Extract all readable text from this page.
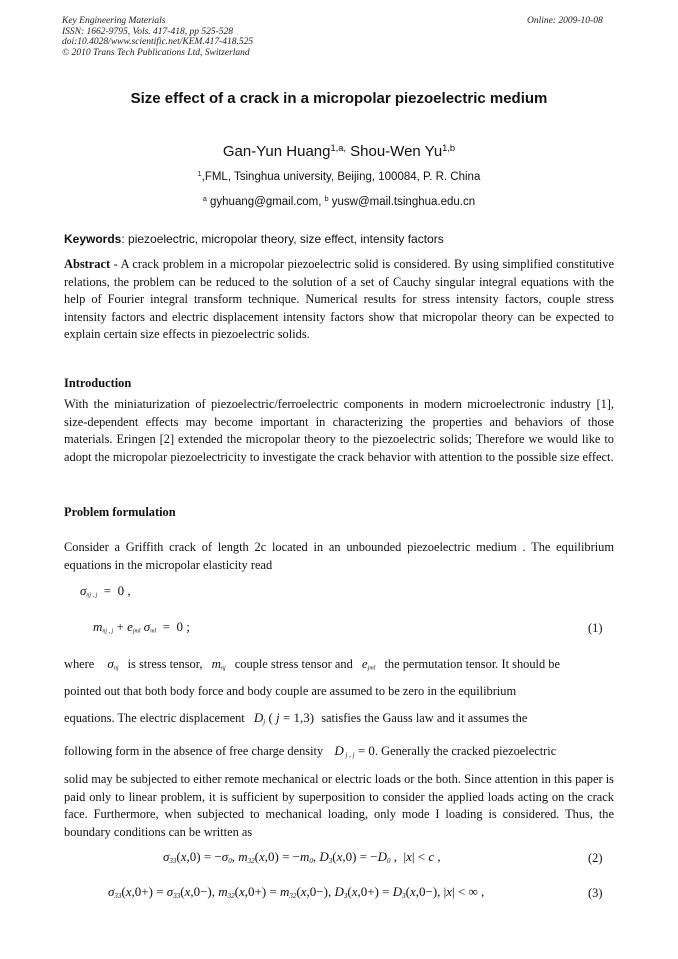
Key Engineering Materials
ISSN: 1662-9795, Vols. 417-418, pp 525-528
doi:10.4028/www.scientific.net/KEM.417-418.525
© 2010 Trans Tech Publications Ltd, Switzerland
Online: 2009-10-08
Size effect of a crack in a micropolar piezoelectric medium
Gan-Yun Huang$^{1,a,}$ Shou-Wen Yu$^{1,b}$
$^1$,FML, Tsinghua university, Beijing, 100084, P. R. China
$^a$ gyhuang@gmail.com, $^b$ yusw@mail.tsinghua.edu.cn
Keywords: piezoelectric, micropolar theory, size effect, intensity factors
Abstract - A crack problem in a micropolar piezoelectric solid is considered. By using simplified constitutive relations, the problem can be reduced to the solution of a set of Cauchy singular integral equations with the help of Fourier integral transform technique. Numerical results for stress intensity factors, couple stress intensity factors and electric displacement intensity factors show that micropolar theory can be expected to explain certain size effects in piezoelectric solids.
Introduction
With the miniaturization of piezoelectric/ferroelectric components in modern microelectronic industry [1], size-dependent effects may become important in characterizing the properties and behaviors of those materials. Eringen [2] extended the micropolar theory to the piezoelectric solids; Therefore we would like to adopt the micropolar piezoelectricity to investigate the crack behavior with attention to the possible size effect.
Problem formulation
Consider a Griffith crack of length 2c located in an unbounded piezoelectric medium . The equilibrium equations in the micropolar elasticity read
$\sigma_{nj , j} = 0$ ,
$m_{nj , j} + e_{jml}$ $\sigma_{ml} = 0$ ;	(1)
where $\sigma_{nj}$ is stress tensor, $m_{nj}$ couple stress tensor and $e_{jml}$ the permutation tensor. It should be
pointed out that both body force and body couple are assumed to be zero in the equilibrium
equations. The electric displacement $D_j$ ( j = 1,3) satisfies the Gauss law and it assumes the
following form in the absence of free charge density D $_{j , j}$ = 0. Generally the cracked piezoelectric
solid may be subjected to either remote mechanical or electric loads or the both. Since attention in this paper is paid only to linear problem, it is sufficient by superposition to consider the applied loads acting on the crack face. Furthermore, when subjected to mechanical loading, only mode I loading is considered. Thus, the boundary conditions can be written as
$\sigma_{33}(x,0) = -\sigma_0$, $m_{32}(x,0) = -m_0$, $D_3(x,0) = -D_0$ ,  |x| < c ,	(2)
$\sigma_{33}(x,0+) = \sigma_{33}(x,0-)$, $m_{32}(x,0+) = m_{32}(x,0-)$, $D_3(x,0+) = D_3(x,0-)$, |x| < ∞ ,	(3)
